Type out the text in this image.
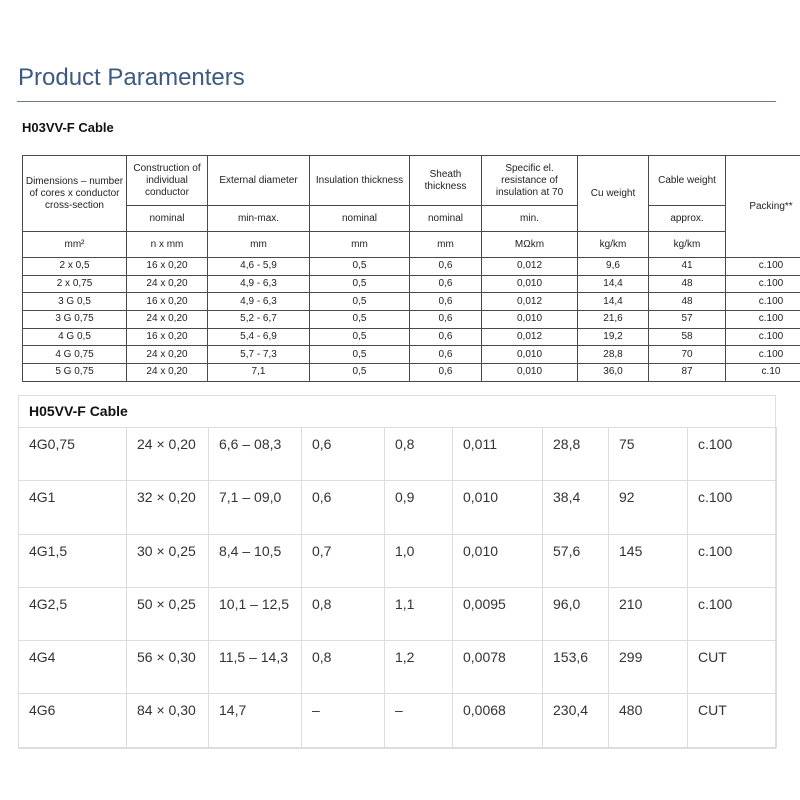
Product Paramenters
H03VV-F Cable
Dimensions – number of cores x conductor cross-section	Construction of individual conductor	External diameter	Insulation thickness	Sheath thickness	Specific el. resistance of insulation at 70	Cu weight	Cable weight	Packing**
	nominal	min-max.	nominal	nominal	min.		approx.	
mm²	n x mm	mm	mm	mm	MΩkm	kg/km	kg/km	
2 x 0,5	16 x 0,20	4,6 - 5,9	0,5	0,6	0,012	9,6	41	c.100
2 x 0,75	24 x 0,20	4,9 - 6,3	0,5	0,6	0,010	14,4	48	c.100
3 G 0,5	16 x 0,20	4,9 - 6,3	0,5	0,6	0,012	14,4	48	c.100
3 G 0,75	24 x 0,20	5,2 - 6,7	0,5	0,6	0,010	21,6	57	c.100
4 G 0,5	16 x 0,20	5,4 - 6,9	0,5	0,6	0,012	19,2	58	c.100
4 G 0,75	24 x 0,20	5,7 - 7,3	0,5	0,6	0,010	28,8	70	c.100
5 G 0,75	24 x 0,20	7,1	0,5	0,6	0,010	36,0	87	c.10
H05VV-F Cable
4G0,75	24 × 0,20	6,6 – 08,3	0,6	0,8	0,011	28,8	75	c.100
4G1	32 × 0,20	7,1 – 09,0	0,6	0,9	0,010	38,4	92	c.100
4G1,5	30 × 0,25	8,4 – 10,5	0,7	1,0	0,010	57,6	145	c.100
4G2,5	50 × 0,25	10,1 – 12,5	0,8	1,1	0,0095	96,0	210	c.100
4G4	56 × 0,30	11,5 – 14,3	0,8	1,2	0,0078	153,6	299	CUT
4G6	84 × 0,30	14,7	–	–	0,0068	230,4	480	CUT
